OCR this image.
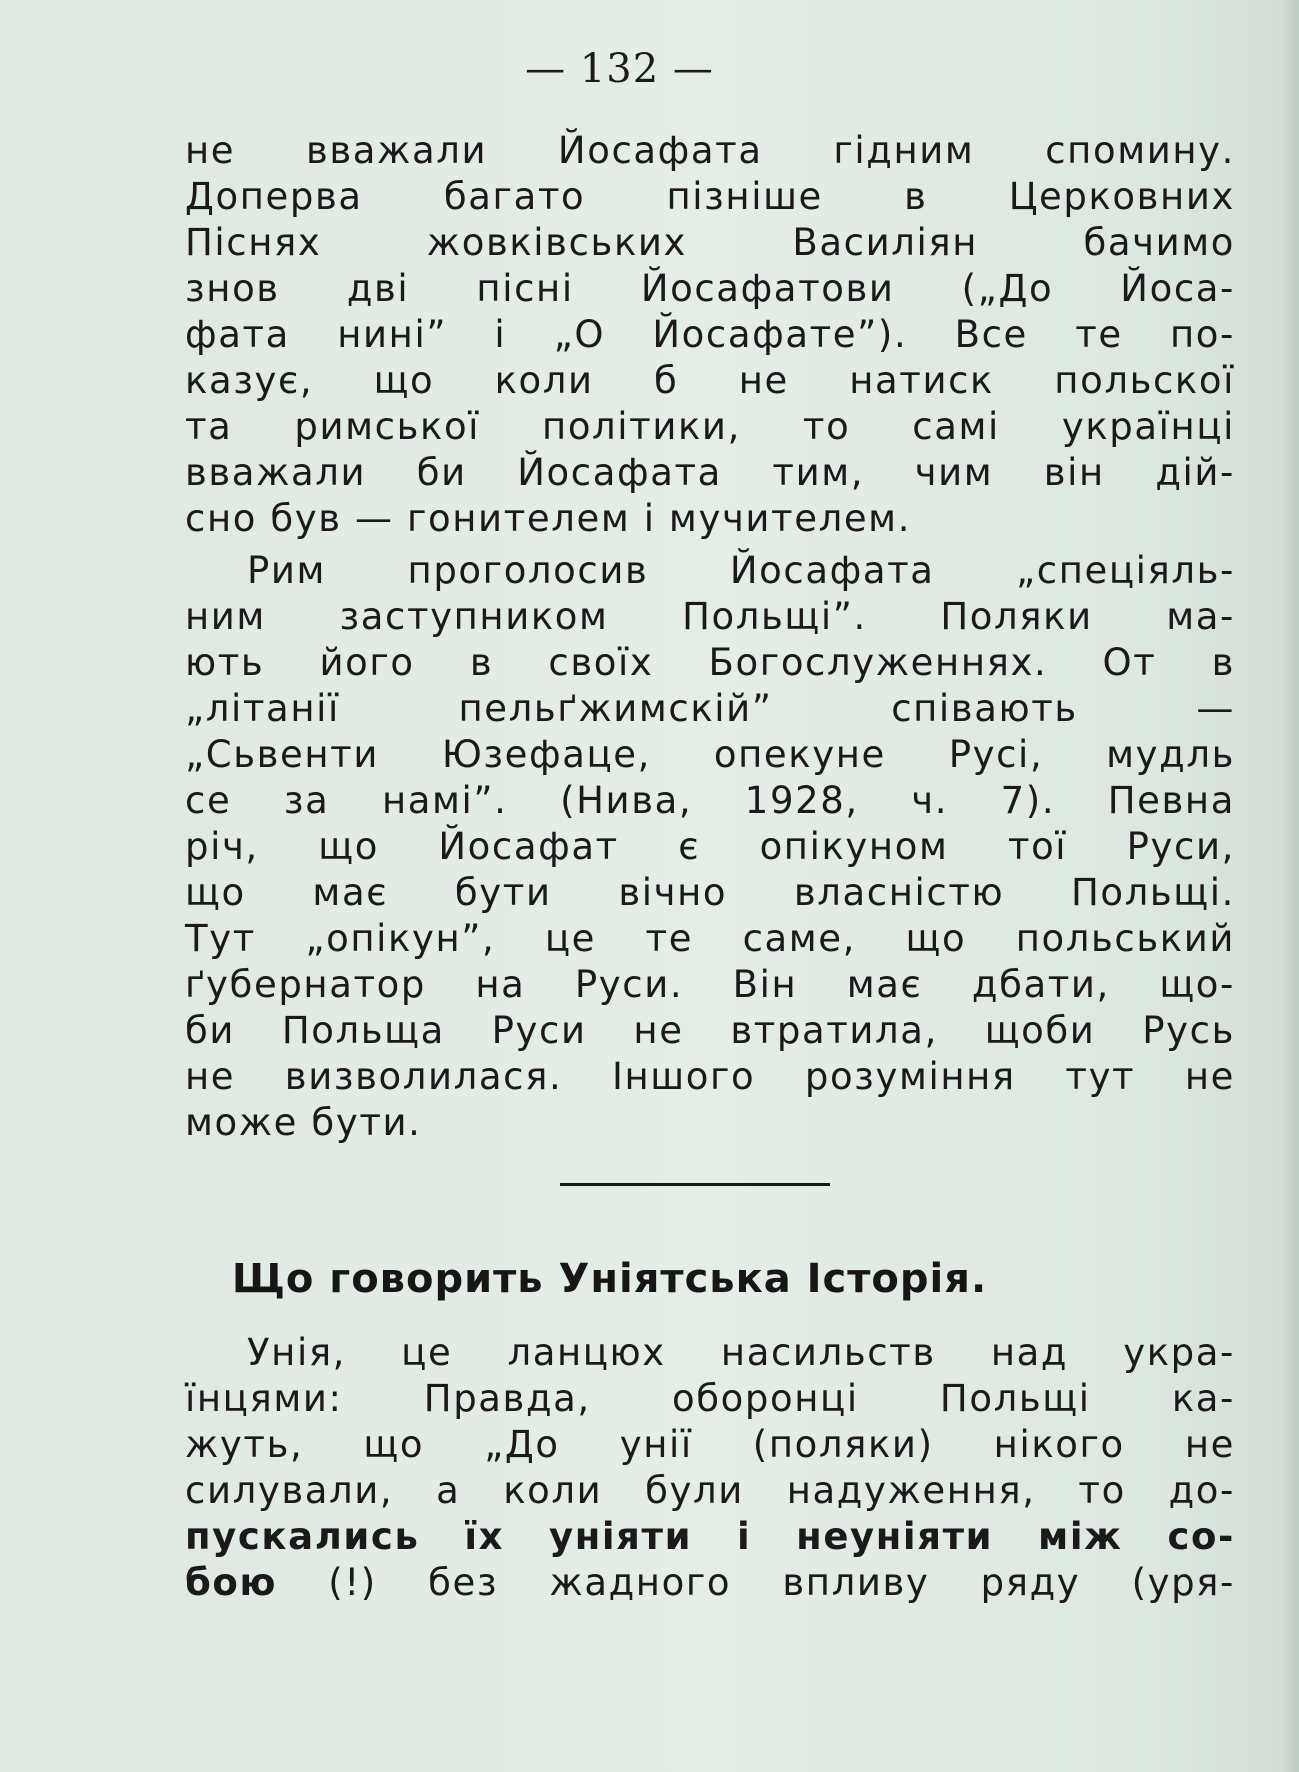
— 132 —
не вважали Йосафата гідним спомину.
Доперва багато пізніше в Церковних
Піснях жовківських Василіян бачимо
знов дві пісні Йосафатови („До Йоса-
фата нині” і „О Йосафате”). Все те по-
казує, що коли б не натиск польскої
та римської політики, то самі українці
вважали би Йосафата тим, чим він дій-
сно був — гонителем і мучителем.
Рим проголосив Йосафата „спеціяль-
ним заступником Польщі”. Поляки ма-
ють його в своїх Богослуженнях. От в
„літанії пельґжимскій” співають —
„Сьвенти Юзефаце, опекуне Русі, мудль
се за намі”. (Нива, 1928, ч. 7). Певна
річ, що Йосафат є опікуном тої Руси,
що має бути вічно власністю Польщі.
Тут „опікун”, це те саме, що польський
ґубернатор на Руси. Він має дбати, що-
би Польща Руси не втратила, щоби Русь
не визволилася. Іншого розуміння тут не
може бути.
Що говорить Уніятська Історія.
Унія, це ланцюх насильств над укра-
їнцями: Правда, оборонці Польщі ка-
жуть, що „До унії (поляки) нікого не
силували, а коли були надуження, то до-
пускались їх уніяти і неуніяти між со-
бою (!) без жадного впливу ряду (уря-
